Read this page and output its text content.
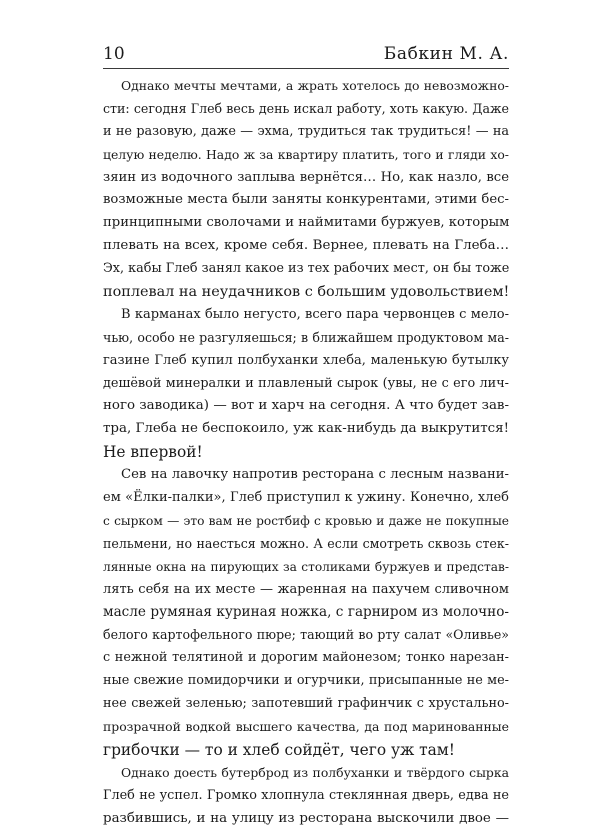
10	Бабкин М. А.
Однако мечты мечтами, а жрать хотелось до невозможно-
сти: сегодня Глеб весь день искал работу, хоть какую. Даже
и не разовую, даже — эхма, трудиться так трудиться! — на
целую неделю. Надо ж за квартиру платить, того и гляди хо-
зяин из водочного заплыва вернётся… Но, как назло, все
возможные места были заняты конкурентами, этими бес-
принципными сволочами и наймитами буржуев, которым
плевать на всех, кроме себя. Вернее, плевать на Глеба…
Эх, кабы Глеб занял какое из тех рабочих мест, он бы тоже
поплевал на неудачников с большим удовольствием!
В карманах было негусто, всего пара червонцев с мело-
чью, особо не разгуляешься; в ближайшем продуктовом ма-
газине Глеб купил полбуханки хлеба, маленькую бутылку
дешёвой минералки и плавленый сырок (увы, не с его лич-
ного заводика) — вот и харч на сегодня. А что будет зав-
тра, Глеба не беспокоило, уж как-нибудь да выкрутится!
Не впервой!
Сев на лавочку напротив ресторана с лесным названи-
ем «Ёлки-палки», Глеб приступил к ужину. Конечно, хлеб
с сырком — это вам не ростбиф с кровью и даже не покупные
пельмени, но наесться можно. А если смотреть сквозь стек-
лянные окна на пирующих за столиками буржуев и представ-
лять себя на их месте — жаренная на пахучем сливочном
масле румяная куриная ножка, с гарниром из молочно-
белого картофельного пюре; тающий во рту салат «Оливье»
с нежной телятиной и дорогим майонезом; тонко нарезан-
ные свежие помидорчики и огурчики, присыпанные не ме-
нее свежей зеленью; запотевший графинчик с хрустально-
прозрачной водкой высшего качества, да под маринованные
грибочки — то и хлеб сойдёт, чего уж там!
Однако доесть бутерброд из полбуханки и твёрдого сырка
Глеб не успел. Громко хлопнула стеклянная дверь, едва не
разбившись, и на улицу из ресторана выскочили двое —
